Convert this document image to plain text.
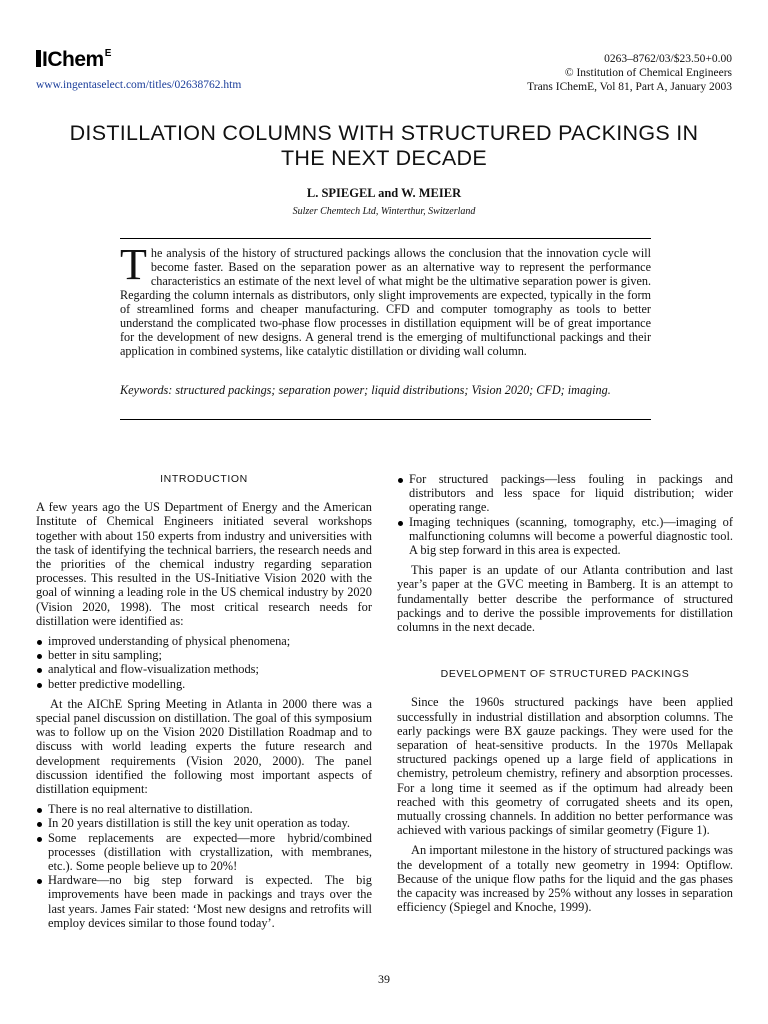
IChem$^E$
www.ingentaselect.com/titles/02638762.htm
0263–8762/03/$23.50+0.00
© Institution of Chemical Engineers
Trans IChemE, Vol 81, Part A, January 2003
DISTILLATION COLUMNS WITH STRUCTURED PACKINGS IN
THE NEXT DECADE
L. SPIEGEL and W. MEIER
Sulzer Chemtech Ltd, Winterthur, Switzerland
The analysis of the history of structured packings allows the conclusion that the innovation cycle will become faster. Based on the separation power as an alternative way to represent the performance characteristics an estimate of the next level of what might be the ultimative separation power is given. Regarding the column internals as distributors, only slight improvements are expected, typically in the form of streamlined forms and cheaper manufacturing. CFD and computer tomography as tools to better understand the complicated two-phase flow processes in distillation equipment will be of great importance for the development of new designs. A general trend is the emerging of multifunctional packings and their application in combined systems, like catalytic distillation or dividing wall column.
Keywords: structured packings; separation power; liquid distributions; Vision 2020; CFD; imaging.
INTRODUCTION

A few years ago the US Department of Energy and the American Institute of Chemical Engineers initiated several workshops together with about 150 experts from industry and universities with the task of identifying the technical barriers, the research needs and the priorities of the chemical industry regarding separation processes. This resulted in the US-Initiative Vision 2020 with the goal of winning a leading role in the US chemical industry by 2020 (Vision 2020, 1998). The most critical research needs for distillation were identified as:

improved understanding of physical phenomena;
better in situ sampling;
analytical and flow-visualization methods;
better predictive modelling.

At the AIChE Spring Meeting in Atlanta in 2000 there was a special panel discussion on distillation. The goal of this symposium was to follow up on the Vision 2020 Distillation Roadmap and to discuss with world leading experts the future research and development requirements (Vision 2020, 2000). The panel discussion identified the following most important aspects of distillation equipment:

There is no real alternative to distillation.
In 20 years distillation is still the key unit operation as today.
Some replacements are expected—more hybrid/combined processes (distillation with crystallization, with membranes, etc.). Some people believe up to 20%!
Hardware—no big step forward is expected. The big improvements have been made in packings and trays over the last years. James Fair stated: ‘Most new designs and retrofits will employ devices similar to those found today’.
For structured packings—less fouling in packings and distributors and less space for liquid distribution; wider operating range.
Imaging techniques (scanning, tomography, etc.)—imaging of malfunctioning columns will become a powerful diagnostic tool. A big step forward in this area is expected.

This paper is an update of our Atlanta contribution and last year’s paper at the GVC meeting in Bamberg. It is an attempt to fundamentally better describe the performance of structured packings and to derive the possible improvements for distillation columns in the next decade.

DEVELOPMENT OF STRUCTURED PACKINGS

Since the 1960s structured packings have been applied successfully in industrial distillation and absorption columns. The early packings were BX gauze packings. They were used for the separation of heat-sensitive products. In the 1970s Mellapak structured packings opened up a large field of applications in chemistry, petroleum chemistry, refinery and absorption processes. For a long time it seemed as if the optimum had already been reached with this geometry of corrugated sheets and its open, mutually crossing channels. In addition no better performance was achieved with various packings of similar geometry (Figure 1).

An important milestone in the history of structured packings was the development of a totally new geometry in 1994: Optiflow. Because of the unique flow paths for the liquid and the gas phases the capacity was increased by 25% without any losses in separation efficiency (Spiegel and Knoche, 1999).

39
